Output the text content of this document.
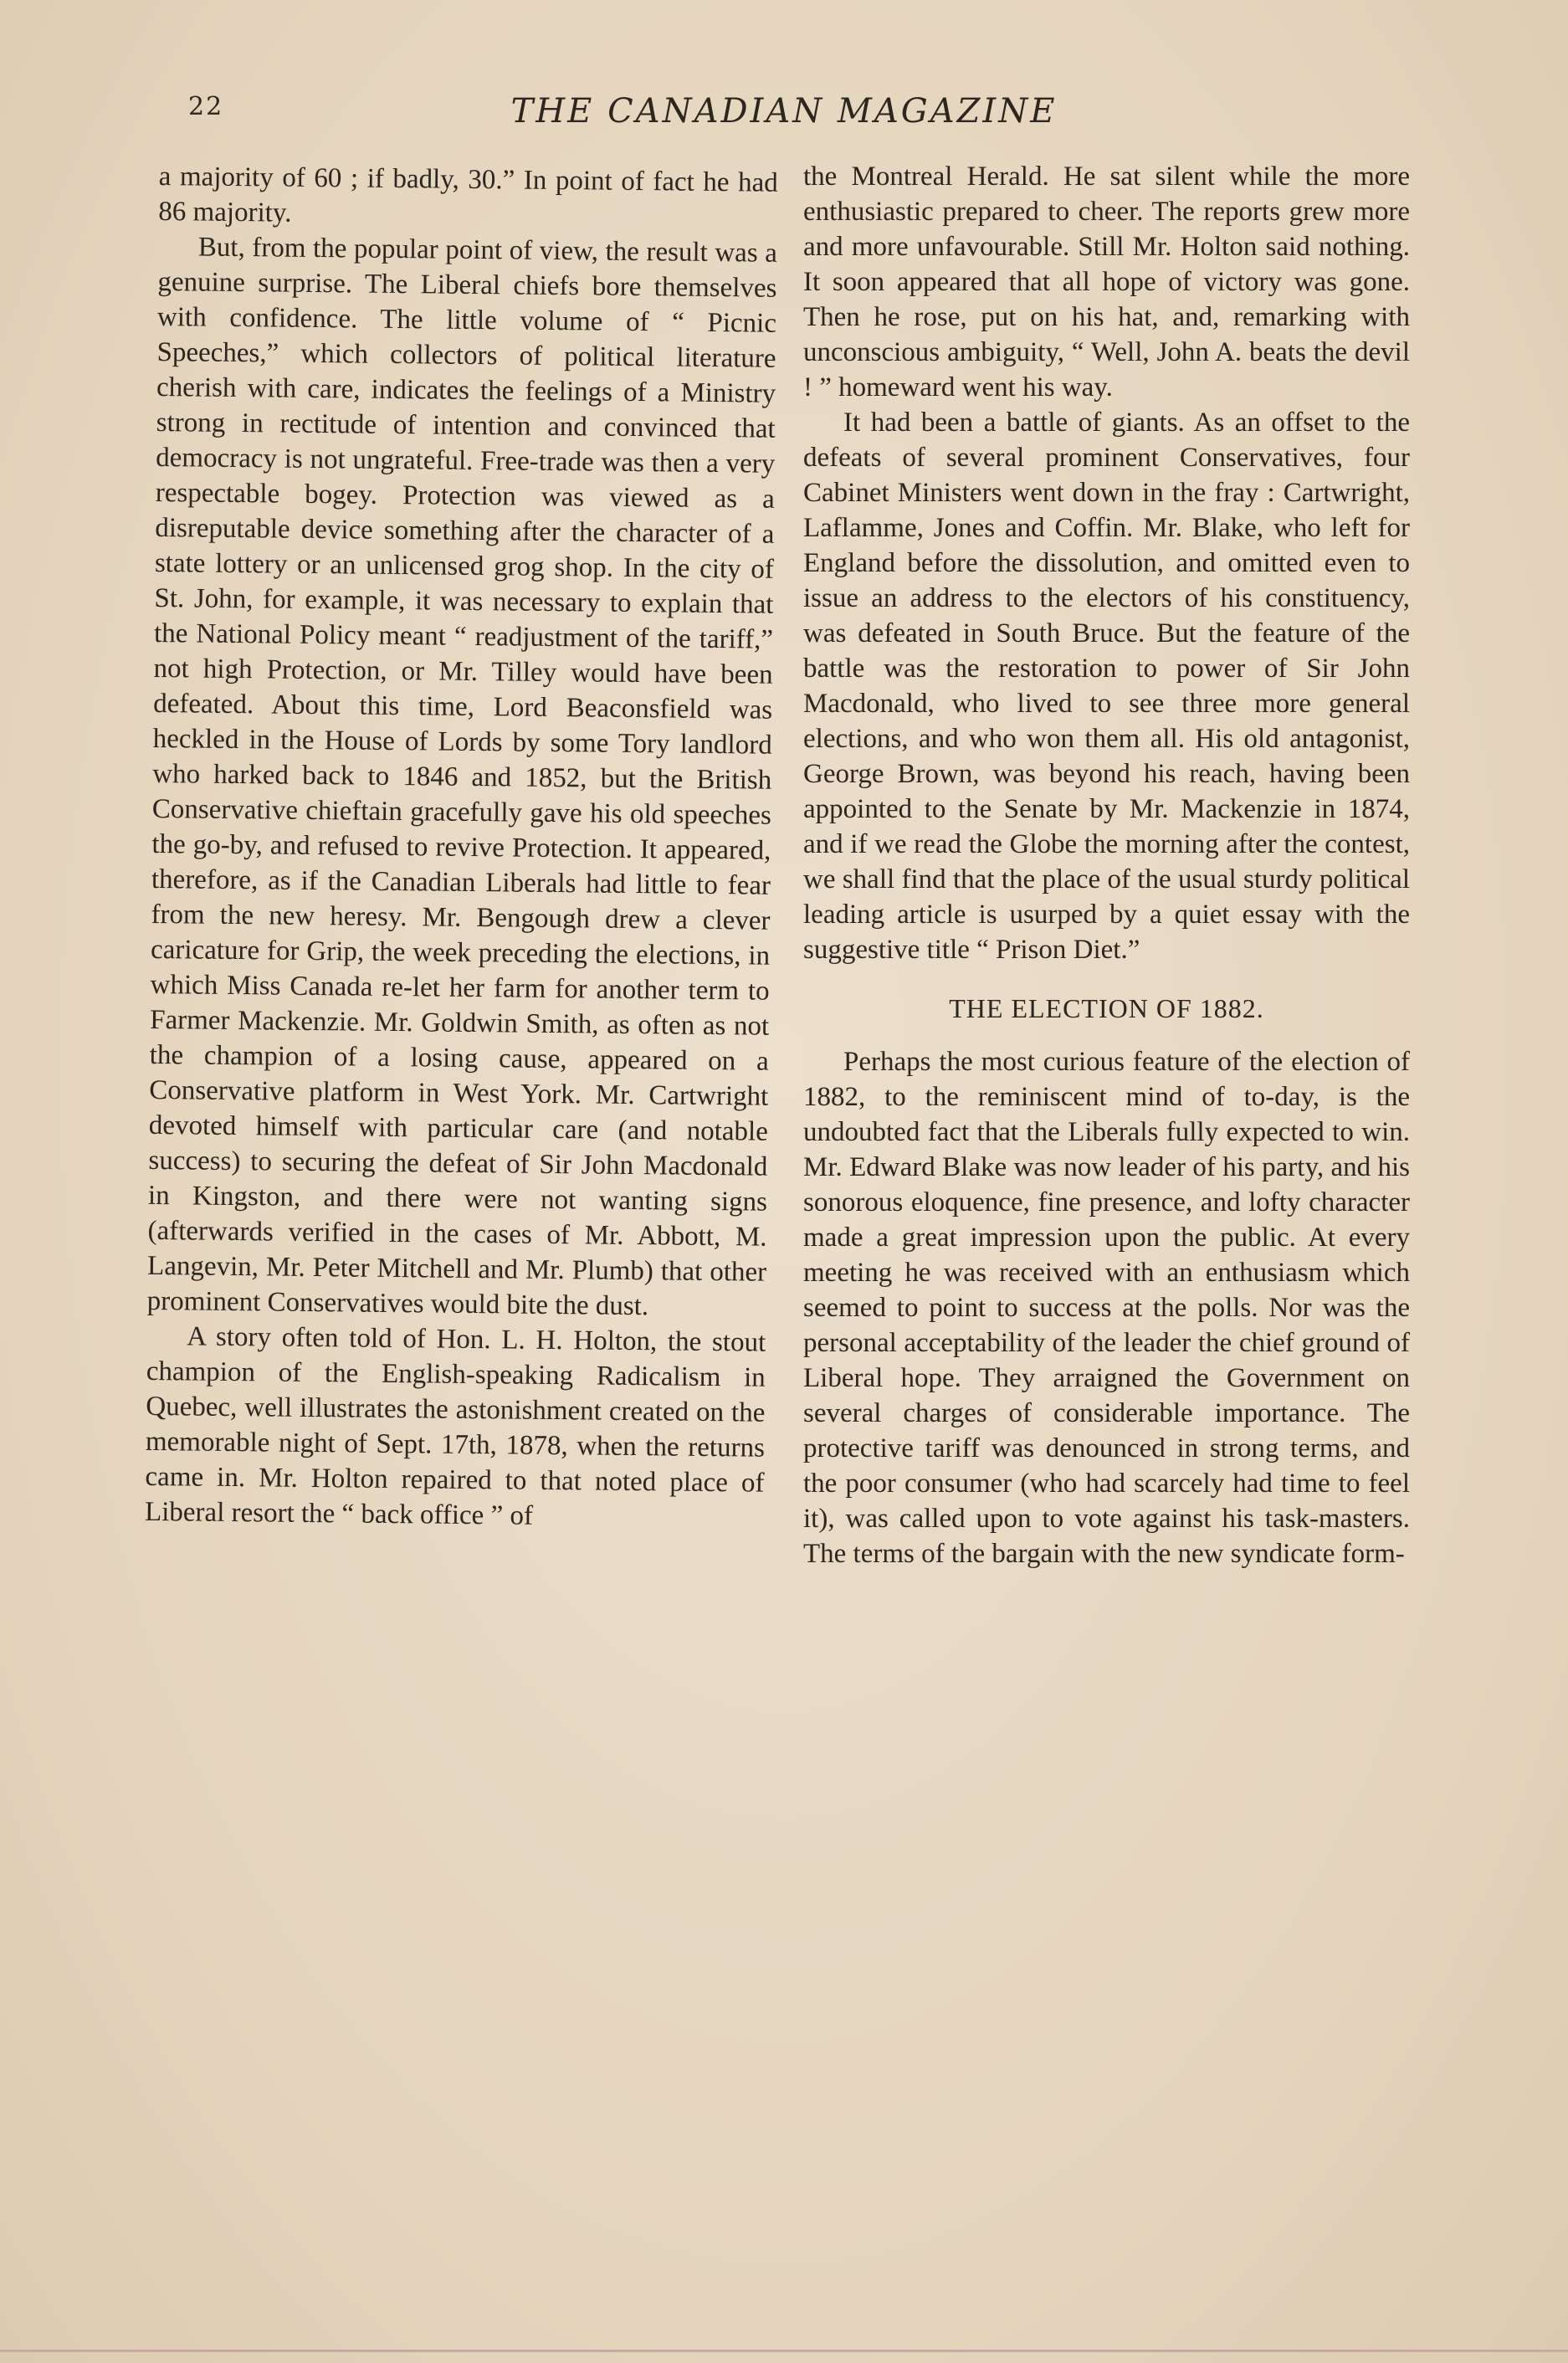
22	THE CANADIAN MAGAZINE

a majority of 60 ; if badly, 30.” In point of fact he had 86 majority.

But, from the popular point of view, the result was a genuine surprise. The Liberal chiefs bore themselves with confidence. The little volume of “ Picnic Speeches,” which collectors of political literature cherish with care, indicates the feelings of a Ministry strong in rectitude of intention and convinced that democracy is not ungrateful. Free-trade was then a very respectable bogey. Protection was viewed as a disreputable device something after the character of a state lottery or an unlicensed grog shop. In the city of St. John, for example, it was necessary to explain that the National Policy meant “ readjustment of the tariff,” not high Protection, or Mr. Tilley would have been defeated. About this time, Lord Beaconsfield was heckled in the House of Lords by some Tory landlord who harked back to 1846 and 1852, but the British Conservative chieftain gracefully gave his old speeches the go-by, and refused to revive Protection. It appeared, therefore, as if the Canadian Liberals had little to fear from the new heresy. Mr. Bengough drew a clever caricature for Grip, the week preceding the elections, in which Miss Canada re-let her farm for another term to Farmer Mackenzie. Mr. Goldwin Smith, as often as not the champion of a losing cause, appeared on a Conservative platform in West York. Mr. Cartwright devoted himself with particular care (and notable success) to securing the defeat of Sir John Macdonald in Kingston, and there were not wanting signs (afterwards verified in the cases of Mr. Abbott, M. Langevin, Mr. Peter Mitchell and Mr. Plumb) that other prominent Conservatives would bite the dust.

A story often told of Hon. L. H. Holton, the stout champion of the English-speaking Radicalism in Quebec, well illustrates the astonishment created on the memorable night of Sept. 17th, 1878, when the returns came in. Mr. Holton repaired to that noted place of Liberal resort the “ back office ” of

the Montreal Herald. He sat silent while the more enthusiastic prepared to cheer. The reports grew more and more unfavourable. Still Mr. Holton said nothing. It soon appeared that all hope of victory was gone. Then he rose, put on his hat, and, remarking with unconscious ambiguity, “ Well, John A. beats the devil ! ” homeward went his way.

It had been a battle of giants. As an offset to the defeats of several prominent Conservatives, four Cabinet Ministers went down in the fray : Cartwright, Laflamme, Jones and Coffin. Mr. Blake, who left for England before the dissolution, and omitted even to issue an address to the electors of his constituency, was defeated in South Bruce. But the feature of the battle was the restoration to power of Sir John Macdonald, who lived to see three more general elections, and who won them all. His old antagonist, George Brown, was beyond his reach, having been appointed to the Senate by Mr. Mackenzie in 1874, and if we read the Globe the morning after the contest, we shall find that the place of the usual sturdy political leading article is usurped by a quiet essay with the suggestive title “ Prison Diet.”

THE ELECTION OF 1882.

Perhaps the most curious feature of the election of 1882, to the reminiscent mind of to-day, is the undoubted fact that the Liberals fully expected to win. Mr. Edward Blake was now leader of his party, and his sonorous eloquence, fine presence, and lofty character made a great impression upon the public. At every meeting he was received with an enthusiasm which seemed to point to success at the polls. Nor was the personal acceptability of the leader the chief ground of Liberal hope. They arraigned the Government on several charges of considerable importance. The protective tariff was denounced in strong terms, and the poor consumer (who had scarcely had time to feel it), was called upon to vote against his task-masters. The terms of the bargain with the new syndicate form-
